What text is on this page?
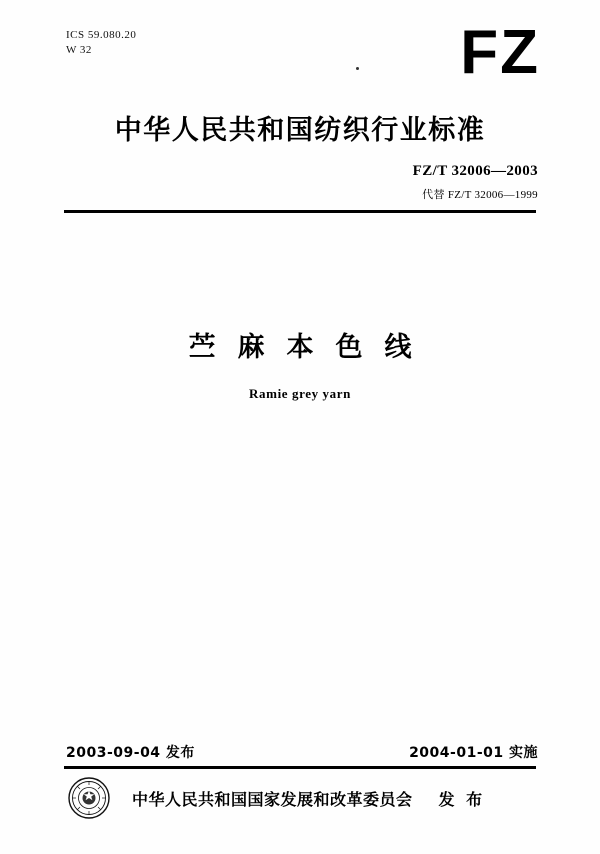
ICS 59.080.20
W 32	FZ
中华人民共和国纺织行业标准
FZ/T 32006—2003
代替 FZ/T 32006—1999
苎麻本色线
Ramie grey yarn
2003-09-04 发布	2004-01-01 实施
中华人民共和国国家发展和改革委员会 发 布
